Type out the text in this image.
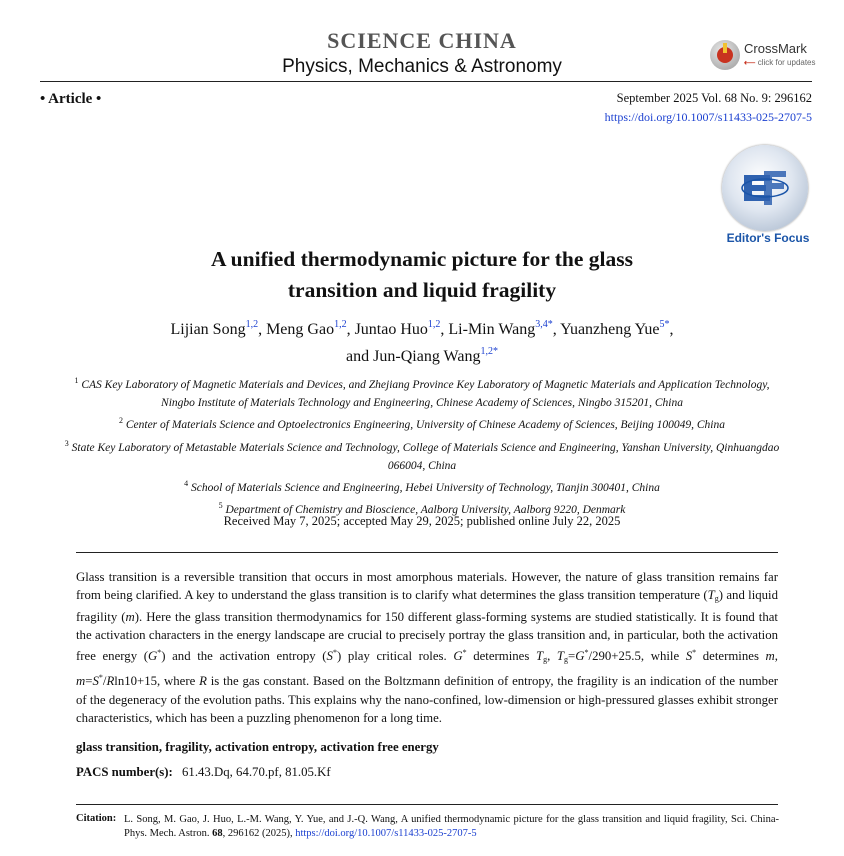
SCIENCE CHINA
Physics, Mechanics & Astronomy
CrossMark
⟵ click for updates
• Article •	September 2025 Vol. 68 No. 9: 296162
https://doi.org/10.1007/s11433-025-2707-5
Editor's Focus
A unified thermodynamic picture for the glass
transition and liquid fragility
Lijian Song$^{1,2}$, Meng Gao$^{1,2}$, Juntao Huo$^{1,2}$, Li-Min Wang$^{3,4*}$, Yuanzheng Yue$^{5*}$,
and Jun-Qiang Wang$^{1,2*}$
$^1$ CAS Key Laboratory of Magnetic Materials and Devices, and Zhejiang Province Key Laboratory of Magnetic Materials and Application Technology, Ningbo Institute of Materials Technology and Engineering, Chinese Academy of Sciences, Ningbo 315201, China
$^2$ Center of Materials Science and Optoelectronics Engineering, University of Chinese Academy of Sciences, Beijing 100049, China
$^3$ State Key Laboratory of Metastable Materials Science and Technology, College of Materials Science and Engineering, Yanshan University, Qinhuangdao 066004, China
$^4$ School of Materials Science and Engineering, Hebei University of Technology, Tianjin 300401, China
$^5$ Department of Chemistry and Bioscience, Aalborg University, Aalborg 9220, Denmark
Received May 7, 2025; accepted May 29, 2025; published online July 22, 2025
Glass transition is a reversible transition that occurs in most amorphous materials. However, the nature of glass transition remains far from being clarified. A key to understand the glass transition is to clarify what determines the glass transition temperature $(T_g)$ and liquid fragility (m). Here the glass transition thermodynamics for 150 different glass-forming systems are studied statistically. It is found that the activation characters in the energy landscape are crucial to precisely portray the glass transition and, in particular, both the activation free energy (G*) and the activation entropy (S*) play critical roles. G* determines $T_g$, $T_g=G^*/290+25.5$, while S* determines m, m=S*/Rln10+15, where R is the gas constant. Based on the Boltzmann definition of entropy, the fragility is an indication of the number of the degeneracy of the evolution paths. This explains why the nano-confined, low-dimension or high-pressured glasses exhibit stronger characteristics, which has been a puzzling phenomenon for a long time.
glass transition, fragility, activation entropy, activation free energy
PACS number(s): 61.43.Dq, 64.70.pf, 81.05.Kf
Citation: L. Song, M. Gao, J. Huo, L.-M. Wang, Y. Yue, and J.-Q. Wang, A unified thermodynamic picture for the glass transition and liquid fragility, Sci. China-Phys. Mech. Astron. 68, 296162 (2025), https://doi.org/10.1007/s11433-025-2707-5
